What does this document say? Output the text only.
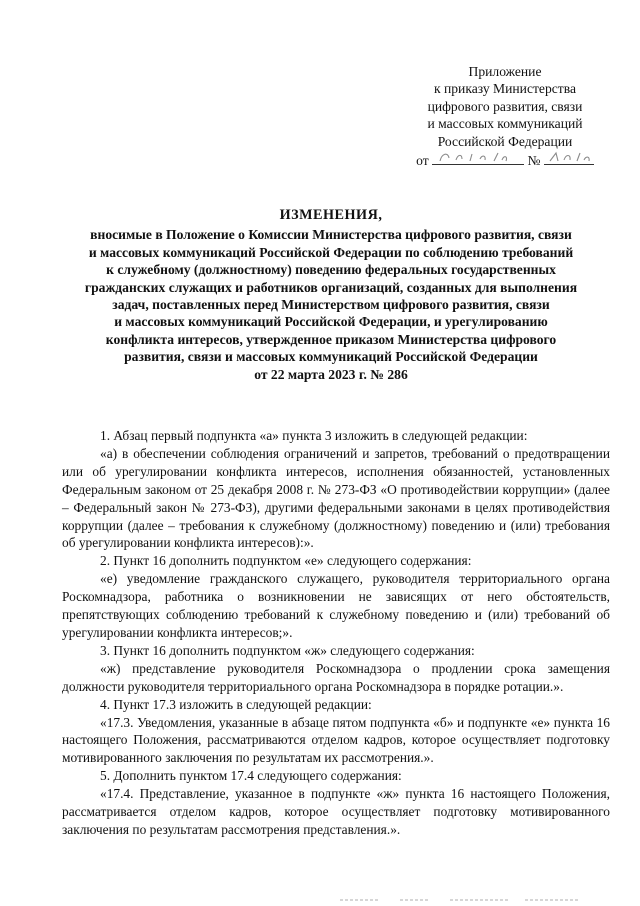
Приложение
к приказу Министерства
цифрового развития, связи
и массовых коммуникаций
Российской Федерации
от	№
ИЗМЕНЕНИЯ,
вносимые в Положение о Комиссии Министерства цифрового развития, связи
и массовых коммуникаций Российской Федерации по соблюдению требований
к служебному (должностному) поведению федеральных государственных
гражданских служащих и работников организаций, созданных для выполнения
задач, поставленных перед Министерством цифрового развития, связи
и массовых коммуникаций Российской Федерации, и урегулированию
конфликта интересов, утвержденное приказом Министерства цифрового
развития, связи и массовых коммуникаций Российской Федерации
от 22 марта 2023 г. № 286

1. Абзац первый подпункта «а» пункта 3 изложить в следующей редакции:

«а) в обеспечении соблюдения ограничений и запретов, требований о предотвращении или об урегулировании конфликта интересов, исполнения обязанностей, установленных Федеральным законом от 25 декабря 2008 г. № 273-ФЗ «О противодействии коррупции» (далее – Федеральный закон № 273-ФЗ), другими федеральными законами в целях противодействия коррупции (далее – требования к служебному (должностному) поведению и (или) требования об урегулировании конфликта интересов):».

2. Пункт 16 дополнить подпунктом «е» следующего содержания:

«е) уведомление гражданского служащего, руководителя территориального органа Роскомнадзора, работника о возникновении не зависящих от него обстоятельств, препятствующих соблюдению требований к служебному поведению и (или) требований об урегулировании конфликта интересов;».

3. Пункт 16 дополнить подпунктом «ж» следующего содержания:

«ж) представление руководителя Роскомнадзора о продлении срока замещения должности руководителя территориального органа Роскомнадзора в порядке ротации.».

4. Пункт 17.3 изложить в следующей редакции:

«17.3. Уведомления, указанные в абзаце пятом подпункта «б» и подпункте «е» пункта 16 настоящего Положения, рассматриваются отделом кадров, которое осуществляет подготовку мотивированного заключения по результатам их рассмотрения.».

5. Дополнить пунктом 17.4 следующего содержания:

«17.4. Представление, указанное в подпункте «ж» пункта 16 настоящего Положения, рассматривается отделом кадров, которое осуществляет подготовку мотивированного заключения по результатам рассмотрения представления.».
